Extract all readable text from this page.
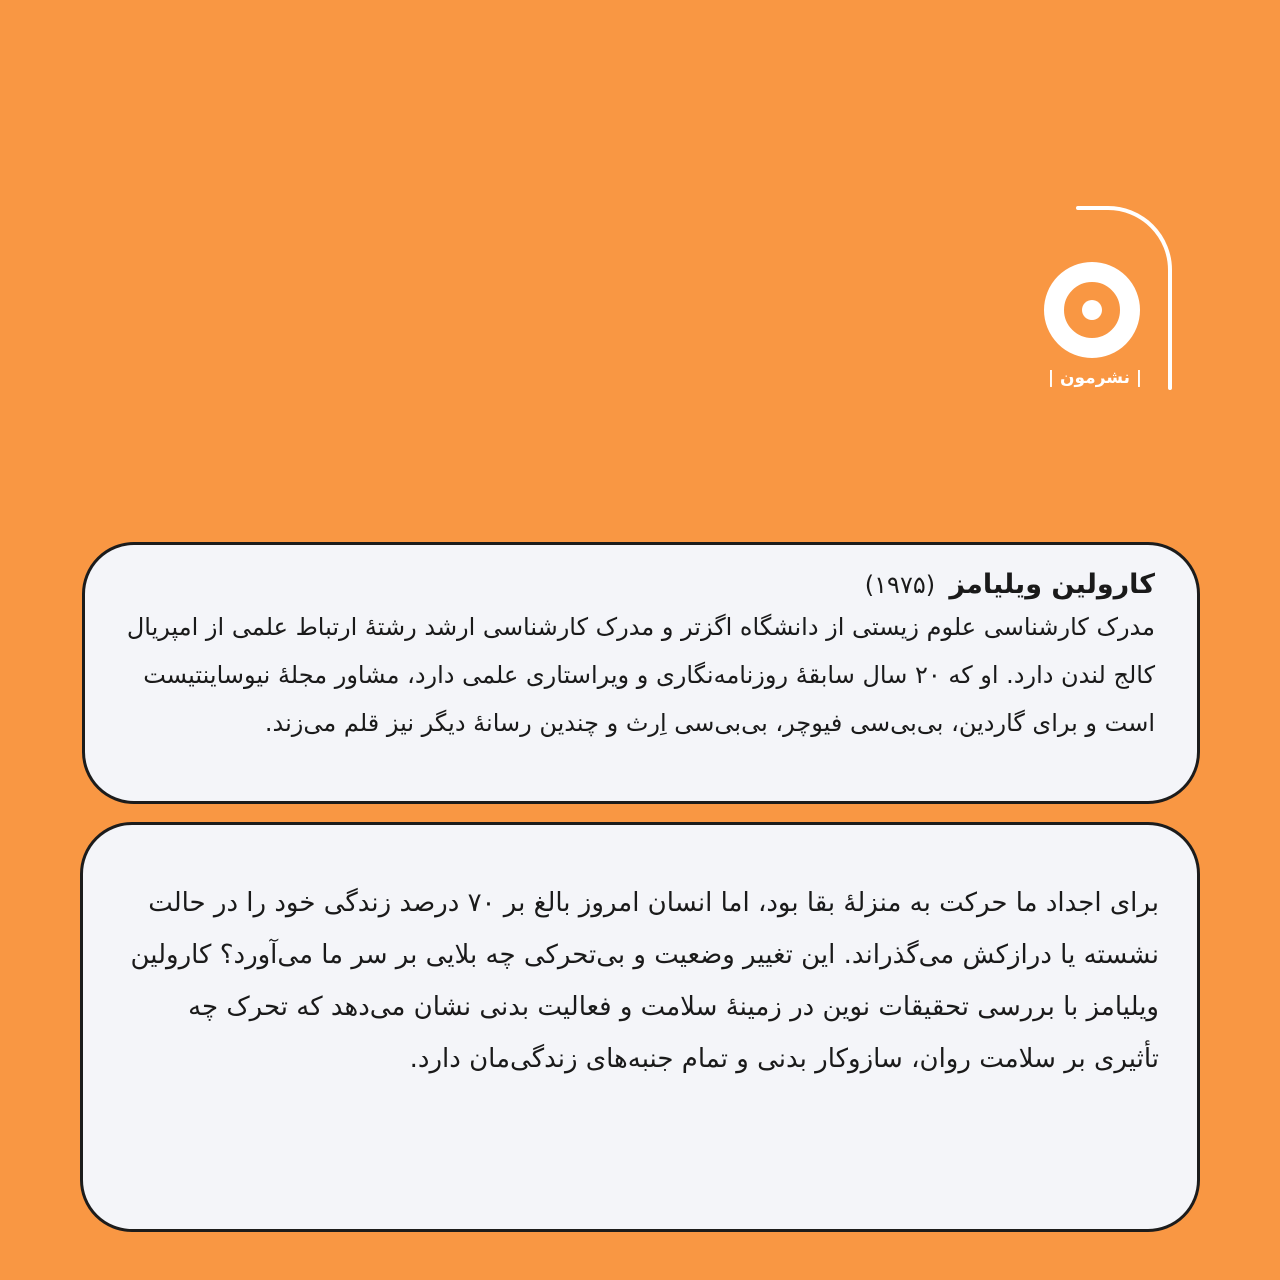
| نشرمون |

کارولین ویلیامز (۱۹۷۵)

مدرک کارشناسی علوم زیستی از دانشگاه اگزتر و مدرک کارشناسی ارشد رشتهٔ ارتباط علمی از امپریال کالج لندن دارد. او که ۲۰ سال سابقهٔ روزنامه‌نگاری و ویراستاری علمی دارد، مشاور مجلهٔ نیوساینتیست است و برای گاردین، بی‌بی‌سی فیوچر، بی‌بی‌سی اِرث و چندین رسانهٔ دیگر نیز قلم می‌زند.

برای اجداد ما حرکت به منزلهٔ بقا بود، اما انسان امروز بالغ بر ۷۰ درصد زندگی خود را در حالت نشسته یا درازکش می‌گذراند. این تغییر وضعیت و بی‌تحرکی چه بلایی بر سر ما می‌آورد؟ کارولین ویلیامز با بررسی تحقیقات نوین در زمینهٔ سلامت و فعالیت بدنی نشان می‌دهد که تحرک چه تأثیری بر سلامت روان، سازوکار بدنی و تمام جنبه‌های زندگی‌مان دارد.
